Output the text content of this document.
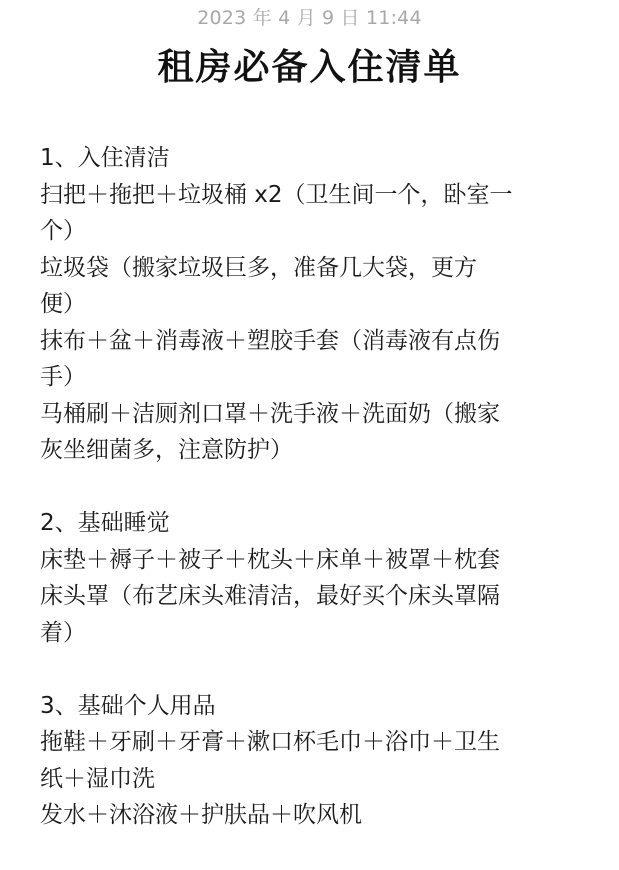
2023 年 4 月 9 日 11:44
租房必备入住清单
1、入住清洁
扫把＋拖把＋垃圾桶 x2（卫生间一个，卧室一
个）
垃圾袋（搬家垃圾巨多，准备几大袋，更方
便）
抹布＋盆＋消毒液＋塑胶手套（消毒液有点伤
手）
马桶刷＋洁厕剂口罩＋洗手液＋洗面奶（搬家
灰坐细菌多，注意防护）
2、基础睡觉
床垫＋褥子＋被子＋枕头＋床单＋被罩＋枕套
床头罩（布艺床头难清洁，最好买个床头罩隔
着）
3、基础个人用品
拖鞋＋牙刷＋牙膏＋漱口杯毛巾＋浴巾＋卫生
纸＋湿巾洗
发水＋沐浴液＋护肤品＋吹风机
